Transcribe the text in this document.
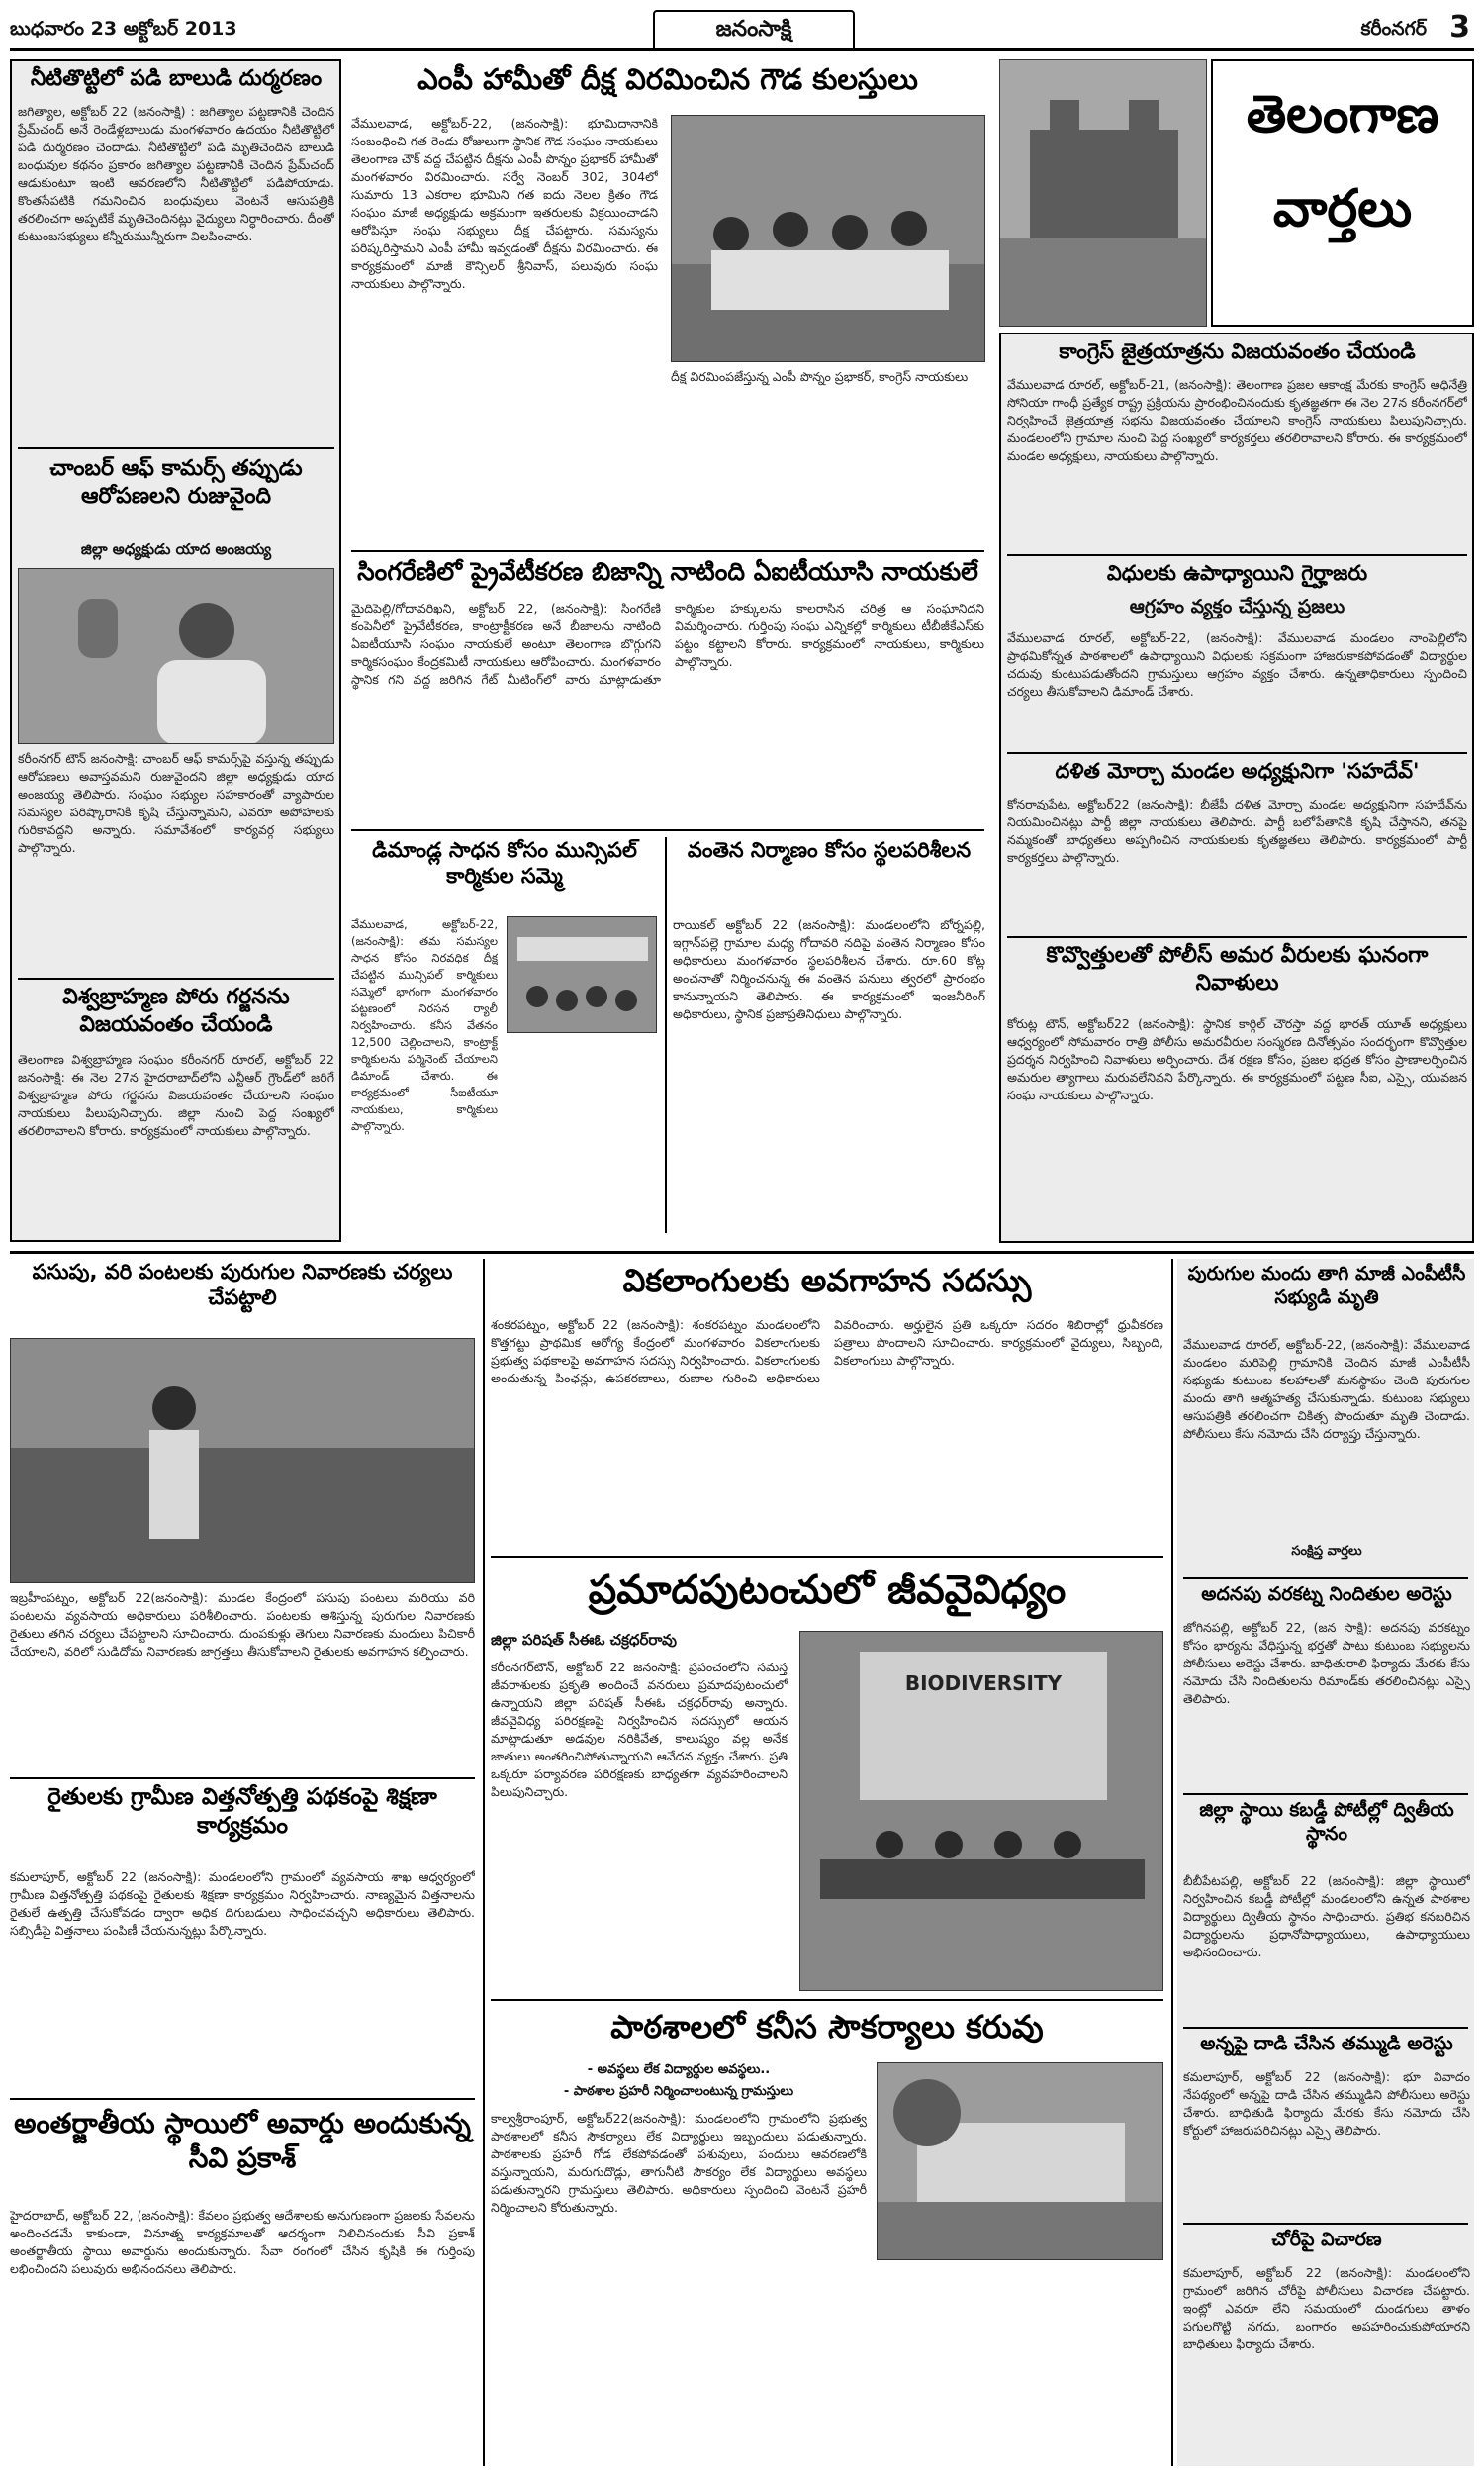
బుధవారం 23 అక్టోబర్ 2013	జనంసాక్షి	కరీంనగర్ 3
నీటితొట్టిలో పడి బాలుడి దుర్మరణం
జగిత్యాల, అక్టోబర్ 22 (జనంసాక్షి) : జగిత్యాల పట్టణానికి చెందిన ప్రేమ్‌చంద్ అనే రెండేళ్లబాలుడు మంగళవారం ఉదయం నీటితొట్టిలో పడి దుర్మరణం చెందాడు. నీటితొట్టిలో పడి మృతిచెందిన బాలుడి బంధువుల కథనం ప్రకారం జగిత్యాల పట్టణానికి చెందిన ప్రేమ్‌చంద్ ఆడుకుంటూ ఇంటి ఆవరణలోని నీటితొట్టిలో పడిపోయాడు. కొంతసేపటికి గమనించిన బంధువులు వెంటనే ఆసుపత్రికి తరలించగా అప్పటికే మృతిచెందినట్లు వైద్యులు నిర్ధారించారు. దీంతో కుటుంబసభ్యులు కన్నీరుమున్నీరుగా విలపించారు.
చాంబర్ ఆఫ్ కామర్స్ తప్పుడు ఆరోపణలని రుజువైంది
జిల్లా అధ్యక్షుడు యాద అంజయ్య
కరీంనగర్ టౌన్ జనంసాక్షి: చాంబర్ ఆఫ్ కామర్స్‌పై వస్తున్న తప్పుడు ఆరోపణలు అవాస్తవమని రుజువైందని జిల్లా అధ్యక్షుడు యాద అంజయ్య తెలిపారు. సంఘం సభ్యుల సహకారంతో వ్యాపారుల సమస్యల పరిష్కారానికి కృషి చేస్తున్నామని, ఎవరూ అపోహలకు గురికావద్దని అన్నారు. సమావేశంలో కార్యవర్గ సభ్యులు పాల్గొన్నారు.
విశ్వబ్రాహ్మణ పోరు గర్జనను విజయవంతం చేయండి
తెలంగాణ విశ్వబ్రాహ్మణ సంఘం కరీంనగర్ రూరల్, అక్టోబర్ 22 జనంసాక్షి: ఈ నెల 27న హైదరాబాద్‌లోని ఎన్టీఆర్ గ్రౌండ్‌లో జరిగే విశ్వబ్రాహ్మణ పోరు గర్జనను విజయవంతం చేయాలని సంఘం నాయకులు పిలుపునిచ్చారు. జిల్లా నుంచి పెద్ద సంఖ్యలో తరలిరావాలని కోరారు. కార్యక్రమంలో నాయకులు పాల్గొన్నారు.
ఎంపీ హామీతో దీక్ష విరమించిన గౌడ కులస్తులు
వేములవాడ, అక్టోబర్-22, (జనంసాక్షి): భూమిదానానికి సంబంధించి గత రెండు రోజులుగా స్థానిక గౌడ సంఘం నాయకులు తెలంగాణ చౌక్ వద్ద చేపట్టిన దీక్షను ఎంపీ పొన్నం ప్రభాకర్ హామీతో మంగళవారం విరమించారు. సర్వే నెంబర్ 302, 304లో సుమారు 13 ఎకరాల భూమిని గత ఐదు నెలల క్రితం గౌడ సంఘం మాజీ అధ్యక్షుడు అక్రమంగా ఇతరులకు విక్రయించాడని ఆరోపిస్తూ సంఘ సభ్యులు దీక్ష చేపట్టారు. సమస్యను పరిష్కరిస్తామని ఎంపీ హామీ ఇవ్వడంతో దీక్షను విరమించారు. ఈ కార్యక్రమంలో మాజీ కౌన్సిలర్ శ్రీనివాస్, పలువురు సంఘ నాయకులు పాల్గొన్నారు.
దీక్ష విరమింపజేస్తున్న ఎంపీ పొన్నం ప్రభాకర్, కాంగ్రెస్ నాయకులు
సింగరేణిలో ప్రైవేటీకరణ బిజాన్ని నాటింది ఏఐటీయూసి నాయకులే
మైదిపెల్లి/గోదావరిఖని, అక్టోబర్ 22, (జనంసాక్షి): సింగరేణి కంపెనీలో ప్రైవేటీకరణ, కాంట్రాక్టీకరణ అనే బీజాలను నాటింది ఏఐటీయూసి సంఘం నాయకులే అంటూ తెలంగాణ బొగ్గుగని కార్మికసంఘం కేంద్రకమిటీ నాయకులు ఆరోపించారు. మంగళవారం స్థానిక గని వద్ద జరిగిన గేట్ మీటింగ్‌లో వారు మాట్లాడుతూ కార్మికుల హక్కులను కాలరాసిన చరిత్ర ఆ సంఘానిదని విమర్శించారు. గుర్తింపు సంఘ ఎన్నికల్లో కార్మికులు టీబీజీకేఎస్‌కు పట్టం కట్టాలని కోరారు. కార్యక్రమంలో నాయకులు, కార్మికులు పాల్గొన్నారు.
డిమాండ్ల సాధన కోసం మున్సిపల్ కార్మికుల సమ్మె
వేములవాడ, అక్టోబర్-22, (జనంసాక్షి): తమ సమస్యల సాధన కోసం నిరవధిక దీక్ష చేపట్టిన మున్సిపల్ కార్మికులు సమ్మెలో భాగంగా మంగళవారం పట్టణంలో నిరసన ర్యాలీ నిర్వహించారు. కనీస వేతనం 12,500 చెల్లించాలని, కాంట్రాక్ట్ కార్మికులను పర్మినెంట్ చేయాలని డిమాండ్ చేశారు. ఈ కార్యక్రమంలో సీఐటీయూ నాయకులు, కార్మికులు పాల్గొన్నారు.
వంతెన నిర్మాణం కోసం స్థలపరిశీలన
రాయికల్ అక్టోబర్ 22 (జనంసాక్షి): మండలంలోని బోర్నపల్లి, ఇగ్గాన్‌పల్లె గ్రామాల మధ్య గోదావరి నదిపై వంతెన నిర్మాణం కోసం అధికారులు మంగళవారం స్థలపరిశీలన చేశారు. రూ.60 కోట్ల అంచనాతో నిర్మించనున్న ఈ వంతెన పనులు త్వరలో ప్రారంభం కానున్నాయని తెలిపారు. ఈ కార్యక్రమంలో ఇంజనీరింగ్ అధికారులు, స్థానిక ప్రజాప్రతినిధులు పాల్గొన్నారు.
తెలంగాణ
వార్తలు
కాంగ్రెస్ జైత్రయాత్రను విజయవంతం చేయండి
వేములవాడ రూరల్, అక్టోబర్-21, (జనంసాక్షి): తెలంగాణ ప్రజల ఆకాంక్ష మేరకు కాంగ్రెస్ అధినేత్రి సోనియా గాంధీ ప్రత్యేక రాష్ట్ర ప్రక్రియను ప్రారంభించినందుకు కృతజ్ఞతగా ఈ నెల 27న కరీంనగర్‌లో నిర్వహించే జైత్రయాత్ర సభను విజయవంతం చేయాలని కాంగ్రెస్ నాయకులు పిలుపునిచ్చారు. మండలంలోని గ్రామాల నుంచి పెద్ద సంఖ్యలో కార్యకర్తలు తరలిరావాలని కోరారు. ఈ కార్యక్రమంలో మండల అధ్యక్షులు, నాయకులు పాల్గొన్నారు.
విధులకు ఉపాధ్యాయిని గైర్హాజరు
ఆగ్రహం వ్యక్తం చేస్తున్న ప్రజలు
వేములవాడ రూరల్, అక్టోబర్-22, (జనంసాక్షి): వేములవాడ మండలం నాంపెల్లిలోని ప్రాథమికోన్నత పాఠశాలలో ఉపాధ్యాయిని విధులకు సక్రమంగా హాజరుకాకపోవడంతో విద్యార్థుల చదువు కుంటుపడుతోందని గ్రామస్తులు ఆగ్రహం వ్యక్తం చేశారు. ఉన్నతాధికారులు స్పందించి చర్యలు తీసుకోవాలని డిమాండ్ చేశారు.
దళిత మోర్చా మండల అధ్యక్షునిగా 'సహదేవ్'
కోనరావుపేట, అక్టోబర్22 (జనంసాక్షి): బీజేపీ దళిత మోర్చా మండల అధ్యక్షునిగా సహదేవ్‌ను నియమించినట్లు పార్టీ జిల్లా నాయకులు తెలిపారు. పార్టీ బలోపేతానికి కృషి చేస్తానని, తనపై నమ్మకంతో బాధ్యతలు అప్పగించిన నాయకులకు కృతజ్ఞతలు తెలిపారు. కార్యక్రమంలో పార్టీ కార్యకర్తలు పాల్గొన్నారు.
కొవ్వొత్తులతో పోలీస్ అమర వీరులకు ఘనంగా నివాళులు
కోరుట్ల టౌన్, అక్టోబర్22 (జనంసాక్షి): స్థానిక కార్గిల్ చౌరస్తా వద్ద భారత్ యూత్ అధ్యక్షులు ఆధ్వర్యంలో సోమవారం రాత్రి పోలీసు అమరవీరుల సంస్మరణ దినోత్సవం సందర్భంగా కొవ్వొత్తుల ప్రదర్శన నిర్వహించి నివాళులు అర్పించారు. దేశ రక్షణ కోసం, ప్రజల భద్రత కోసం ప్రాణాలర్పించిన అమరుల త్యాగాలు మరువలేనివని పేర్కొన్నారు. ఈ కార్యక్రమంలో పట్టణ సీఐ, ఎస్సై, యువజన సంఘ నాయకులు పాల్గొన్నారు.
పసుపు, వరి పంటలకు పురుగుల నివారణకు చర్యలు చేపట్టాలి
ఇబ్రహీంపట్నం, అక్టోబర్ 22(జనంసాక్షి): మండల కేంద్రంలో పసుపు పంటలు మరియు వరి పంటలను వ్యవసాయ అధికారులు పరిశీలించారు. పంటలకు ఆశిస్తున్న పురుగుల నివారణకు రైతులు తగిన చర్యలు చేపట్టాలని సూచించారు. దుంపకుళ్లు తెగులు నివారణకు మందులు పిచికారీ చేయాలని, వరిలో సుడిదోమ నివారణకు జాగ్రత్తలు తీసుకోవాలని రైతులకు అవగాహన కల్పించారు.
రైతులకు గ్రామీణ విత్తనోత్పత్తి పథకంపై శిక్షణా కార్యక్రమం
కమలాపూర్, అక్టోబర్ 22 (జనంసాక్షి): మండలంలోని గ్రామంలో వ్యవసాయ శాఖ ఆధ్వర్యంలో గ్రామీణ విత్తనోత్పత్తి పథకంపై రైతులకు శిక్షణా కార్యక్రమం నిర్వహించారు. నాణ్యమైన విత్తనాలను రైతులే ఉత్పత్తి చేసుకోవడం ద్వారా అధిక దిగుబడులు సాధించవచ్చని అధికారులు తెలిపారు. సబ్సిడీపై విత్తనాలు పంపిణీ చేయనున్నట్లు పేర్కొన్నారు.
అంతర్జాతీయ స్థాయిలో అవార్డు అందుకున్న సీవి ప్రకాశ్
హైదరాబాద్, అక్టోబర్ 22, (జనంసాక్షి): కేవలం ప్రభుత్వ ఆదేశాలకు అనుగుణంగా ప్రజలకు సేవలను అందించడమే కాకుండా, వినూత్న కార్యక్రమాలతో ఆదర్శంగా నిలిచినందుకు సీవి ప్రకాశ్ అంతర్జాతీయ స్థాయి అవార్డును అందుకున్నారు. సేవా రంగంలో చేసిన కృషికి ఈ గుర్తింపు లభించిందని పలువురు అభినందనలు తెలిపారు.
వికలాంగులకు అవగాహన సదస్సు
శంకరపట్నం, అక్టోబర్ 22 (జనంసాక్షి): శంకరపట్నం మండలంలోని కొత్తగట్టు ప్రాథమిక ఆరోగ్య కేంద్రంలో మంగళవారం వికలాంగులకు ప్రభుత్వ పథకాలపై అవగాహన సదస్సు నిర్వహించారు. వికలాంగులకు అందుతున్న పింఛన్లు, ఉపకరణాలు, రుణాల గురించి అధికారులు వివరించారు. అర్హులైన ప్రతి ఒక్కరూ సదరం శిబిరాల్లో ధ్రువీకరణ పత్రాలు పొందాలని సూచించారు. కార్యక్రమంలో వైద్యులు, సిబ్బంది, వికలాంగులు పాల్గొన్నారు.
ప్రమాదపుటంచులో జీవవైవిధ్యం
జిల్లా పరిషత్ సీఈఓ చక్రధర్‌రావు
కరీంనగర్‌టౌన్, అక్టోబర్ 22 జనంసాక్షి: ప్రపంచంలోని సమస్త జీవరాశులకు ప్రకృతి అందించే వనరులు ప్రమాదపుటంచులో ఉన్నాయని జిల్లా పరిషత్ సీఈఓ చక్రధర్‌రావు అన్నారు. జీవవైవిధ్య పరిరక్షణపై నిర్వహించిన సదస్సులో ఆయన మాట్లాడుతూ అడవుల నరికివేత, కాలుష్యం వల్ల అనేక జాతులు అంతరించిపోతున్నాయని ఆవేదన వ్యక్తం చేశారు. ప్రతి ఒక్కరూ పర్యావరణ పరిరక్షణకు బాధ్యతగా వ్యవహరించాలని పిలుపునిచ్చారు.
BIODIVERSITY
పాఠశాలలో కనీస సౌకర్యాలు కరువు
- అవస్థలు లేక విద్యార్థుల అవస్థలు..
- పాఠశాల ప్రహరీ నిర్మించాలంటున్న గ్రామస్తులు
కాల్వశ్రీరాంపూర్, అక్టోబర్22(జనంసాక్షి): మండలంలోని గ్రామంలోని ప్రభుత్వ పాఠశాలలో కనీస సౌకర్యాలు లేక విద్యార్థులు ఇబ్బందులు పడుతున్నారు. పాఠశాలకు ప్రహరీ గోడ లేకపోవడంతో పశువులు, పందులు ఆవరణలోకి వస్తున్నాయని, మరుగుదొడ్లు, తాగునీటి సౌకర్యం లేక విద్యార్థులు అవస్థలు పడుతున్నారని గ్రామస్తులు తెలిపారు. అధికారులు స్పందించి వెంటనే ప్రహరీ నిర్మించాలని కోరుతున్నారు.
పురుగుల మందు తాగి మాజీ ఎంపీటీసీ సభ్యుడి మృతి
వేములవాడ రూరల్, అక్టోబర్-22, (జనంసాక్షి): వేములవాడ మండలం మరిపెల్లి గ్రామానికి చెందిన మాజీ ఎంపీటీసీ సభ్యుడు కుటుంబ కలహాలతో మనస్థాపం చెంది పురుగుల మందు తాగి ఆత్మహత్య చేసుకున్నాడు. కుటుంబ సభ్యులు ఆసుపత్రికి తరలించగా చికిత్స పొందుతూ మృతి చెందాడు. పోలీసులు కేసు నమోదు చేసి దర్యాప్తు చేస్తున్నారు.
అదనపు వరకట్న నిందితుల అరెస్టు
జోగినపల్లి, అక్టోబర్ 22, (జన సాక్షి): అదనపు వరకట్నం కోసం భార్యను వేధిస్తున్న భర్తతో పాటు కుటుంబ సభ్యులను పోలీసులు అరెస్టు చేశారు. బాధితురాలి ఫిర్యాదు మేరకు కేసు నమోదు చేసి నిందితులను రిమాండ్‌కు తరలించినట్లు ఎస్సై తెలిపారు.
జిల్లా స్థాయి కబడ్డీ పోటీల్లో ద్వితీయ స్థానం
బీబీపేటపల్లి, అక్టోబర్ 22 (జనంసాక్షి): జిల్లా స్థాయిలో నిర్వహించిన కబడ్డీ పోటీల్లో మండలంలోని ఉన్నత పాఠశాల విద్యార్థులు ద్వితీయ స్థానం సాధించారు. ప్రతిభ కనబరిచిన విద్యార్థులను ప్రధానోపాధ్యాయులు, ఉపాధ్యాయులు అభినందించారు.
అన్నపై దాడి చేసిన తమ్ముడి అరెస్టు
కమలాపూర్, అక్టోబర్ 22 (జనంసాక్షి): భూ వివాదం నేపథ్యంలో అన్నపై దాడి చేసిన తమ్ముడిని పోలీసులు అరెస్టు చేశారు. బాధితుడి ఫిర్యాదు మేరకు కేసు నమోదు చేసి కోర్టులో హాజరుపరిచినట్లు ఎస్సై తెలిపారు.
చోరీపై విచారణ
కమలాపూర్, అక్టోబర్ 22 (జనంసాక్షి): మండలంలోని గ్రామంలో జరిగిన చోరీపై పోలీసులు విచారణ చేపట్టారు. ఇంట్లో ఎవరూ లేని సమయంలో దుండగులు తాళం పగులగొట్టి నగదు, బంగారం అపహరించుకుపోయారని బాధితులు ఫిర్యాదు చేశారు.
సంక్షిప్త వార్తలు
